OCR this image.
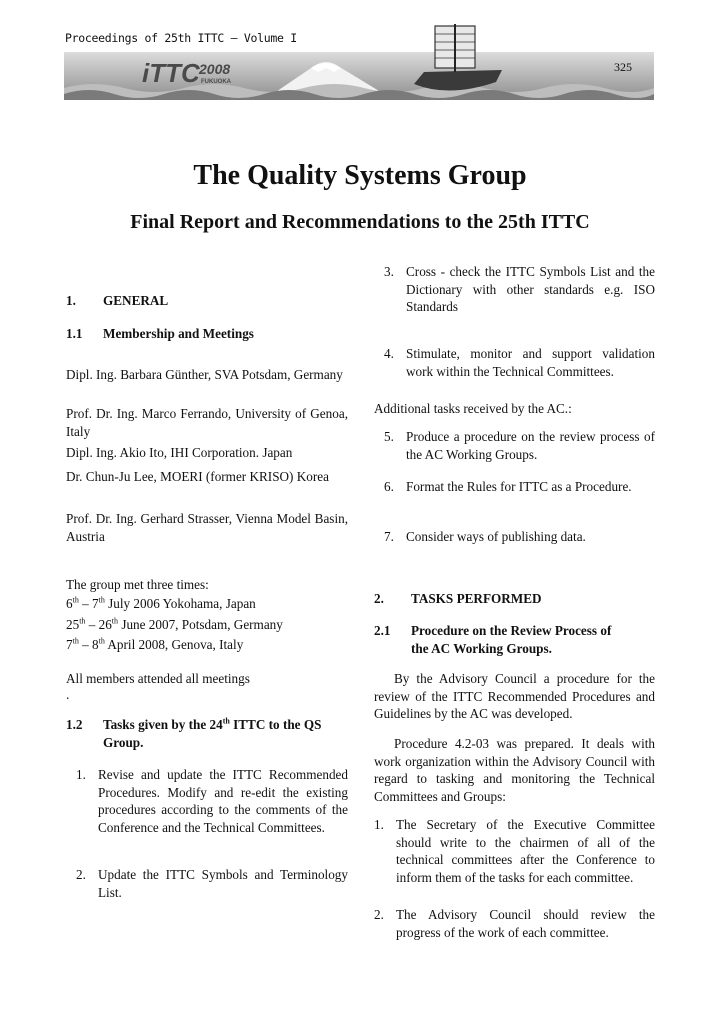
Proceedings of 25th ITTC – Volume I
iTTC 2008
FUKUOKA
325
The Quality Systems Group
Final Report and Recommendations to the 25th ITTC
1. GENERAL
1.1 Membership and Meetings

Dipl. Ing. Barbara Günther, SVA Potsdam, Germany

Prof. Dr. Ing. Marco Ferrando, University of Genoa, Italy

Dipl. Ing. Akio Ito, IHI Corporation. Japan

Dr. Chun-Ju Lee, MOERI (former KRISO) Korea

Prof. Dr. Ing. Gerhard Strasser, Vienna Model Basin, Austria

The group met three times:

6th – 7th July 2006 Yokohama, Japan

25th – 26th June 2007, Potsdam, Germany

7th – 8th April 2008, Genova, Italy

All members attended all meetings

.

1.2 Tasks given by the 24th ITTC to the QS
Group.
1. Revise and update the ITTC Recommended Procedures. Modify and re-edit the existing procedures according to the comments of the Conference and the Technical Committees.
2. Update the ITTC Symbols and Terminology List.
3. Cross - check the ITTC Symbols List and the Dictionary with other standards e.g. ISO Standards
4. Stimulate, monitor and support validation work within the Technical Committees.

Additional tasks received by the AC.:

5. Produce a procedure on the review process of the AC Working Groups.
6. Format the Rules for ITTC as a Procedure.
7. Consider ways of publishing data.
2. TASKS PERFORMED
2.1 Procedure on the Review Process of
the AC Working Groups.

By the Advisory Council a procedure for the review of the ITTC Recommended Procedures and Guidelines by the AC was developed.

Procedure 4.2-03 was prepared. It deals with work organization within the Advisory Council with regard to tasking and monitoring the Technical Committees and Groups:

1. The Secretary of the Executive Committee should write to the chairmen of all of the technical committees after the Conference to inform them of the tasks for each committee.
2. The Advisory Council should review the progress of the work of each committee.
